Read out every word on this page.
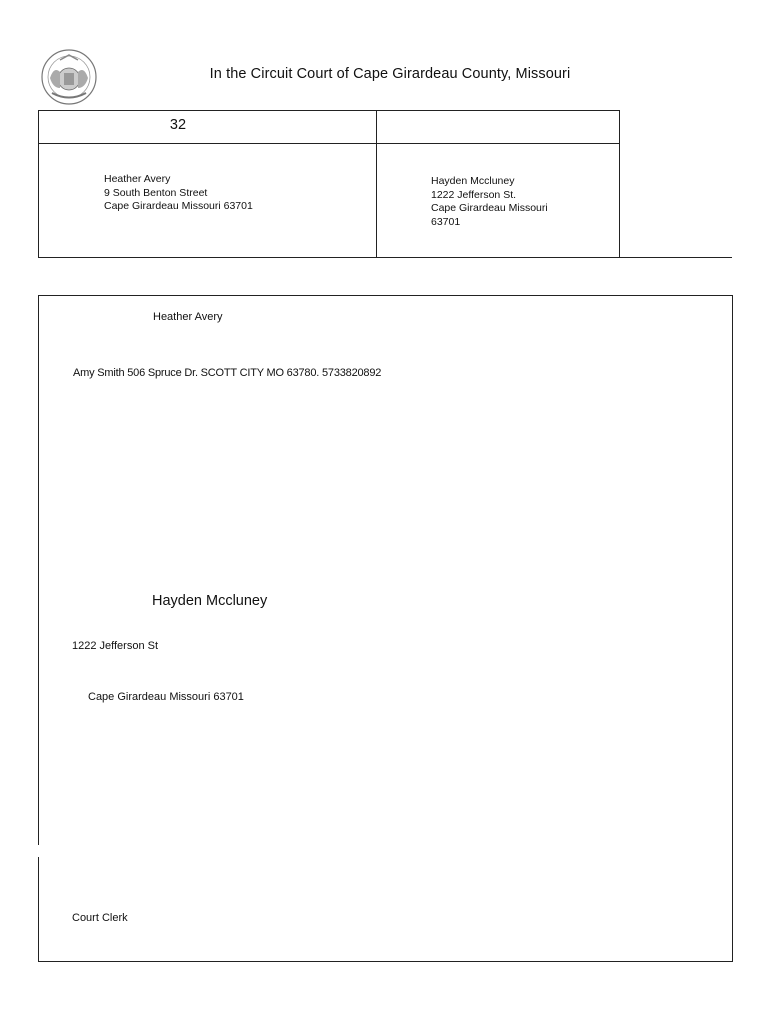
In the Circuit Court of Cape Girardeau County, Missouri
32
Heather Avery
9 South Benton Street
Cape Girardeau Missouri 63701
Hayden Mccluney
1222 Jefferson St.
Cape Girardeau Missouri
63701
Heather Avery
Amy Smith 506 Spruce Dr. SCOTT CITY MO 63780. 5733820892
Hayden Mccluney
1222 Jefferson St
Cape Girardeau Missouri 63701
Court Clerk
